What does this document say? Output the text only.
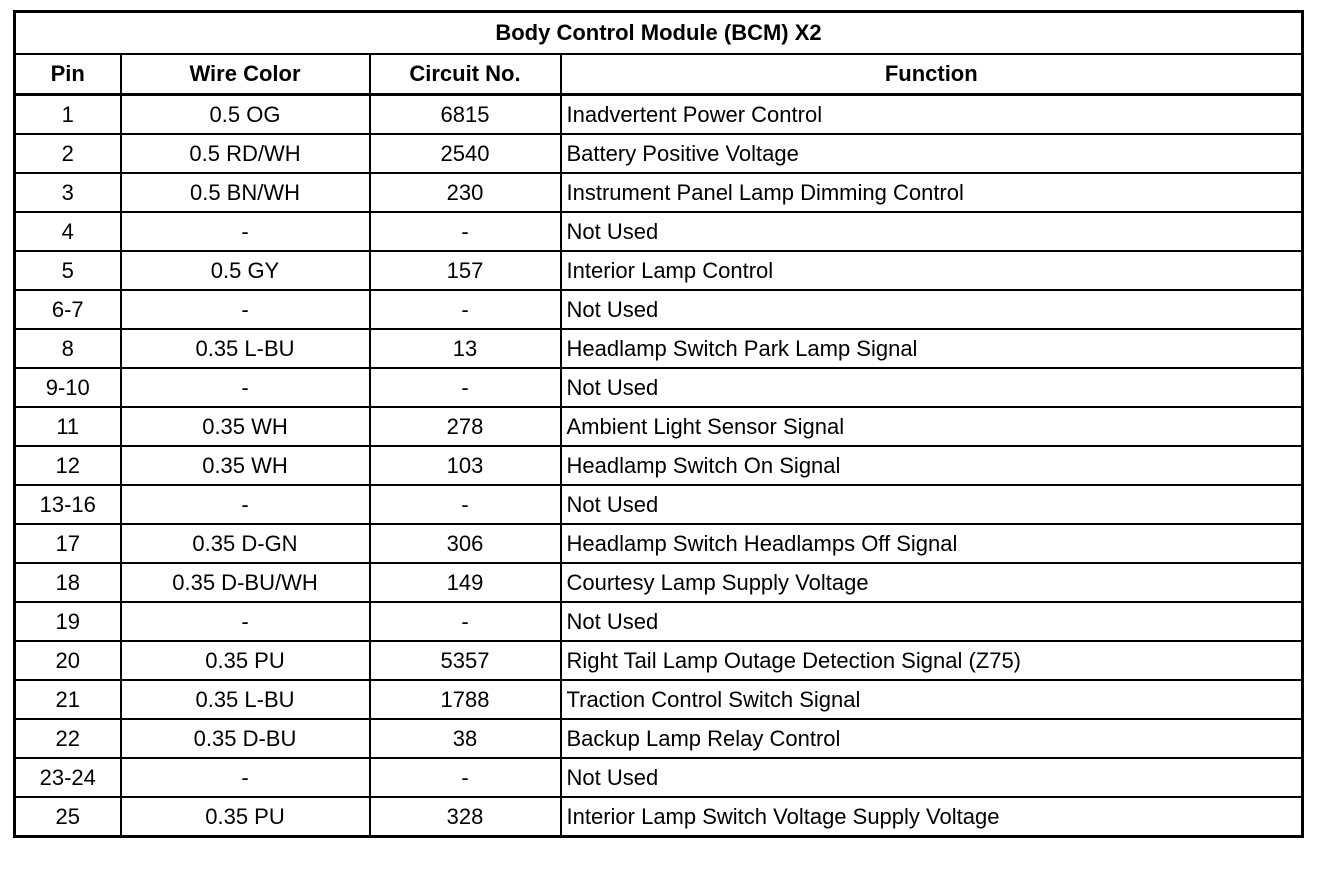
Body Control Module (BCM) X2			
Pin	Wire Color	Circuit No.	Function
1	0.5 OG	6815	Inadvertent Power Control
2	0.5 RD/WH	2540	Battery Positive Voltage
3	0.5 BN/WH	230	Instrument Panel Lamp Dimming Control
4	-	-	Not Used
5	0.5 GY	157	Interior Lamp Control
6-7	-	-	Not Used
8	0.35 L-BU	13	Headlamp Switch Park Lamp Signal
9-10	-	-	Not Used
11	0.35 WH	278	Ambient Light Sensor Signal
12	0.35 WH	103	Headlamp Switch On Signal
13-16	-	-	Not Used
17	0.35 D-GN	306	Headlamp Switch Headlamps Off Signal
18	0.35 D-BU/WH	149	Courtesy Lamp Supply Voltage
19	-	-	Not Used
20	0.35 PU	5357	Right Tail Lamp Outage Detection Signal (Z75)
21	0.35 L-BU	1788	Traction Control Switch Signal
22	0.35 D-BU	38	Backup Lamp Relay Control
23-24	-	-	Not Used
25	0.35 PU	328	Interior Lamp Switch Voltage Supply Voltage
